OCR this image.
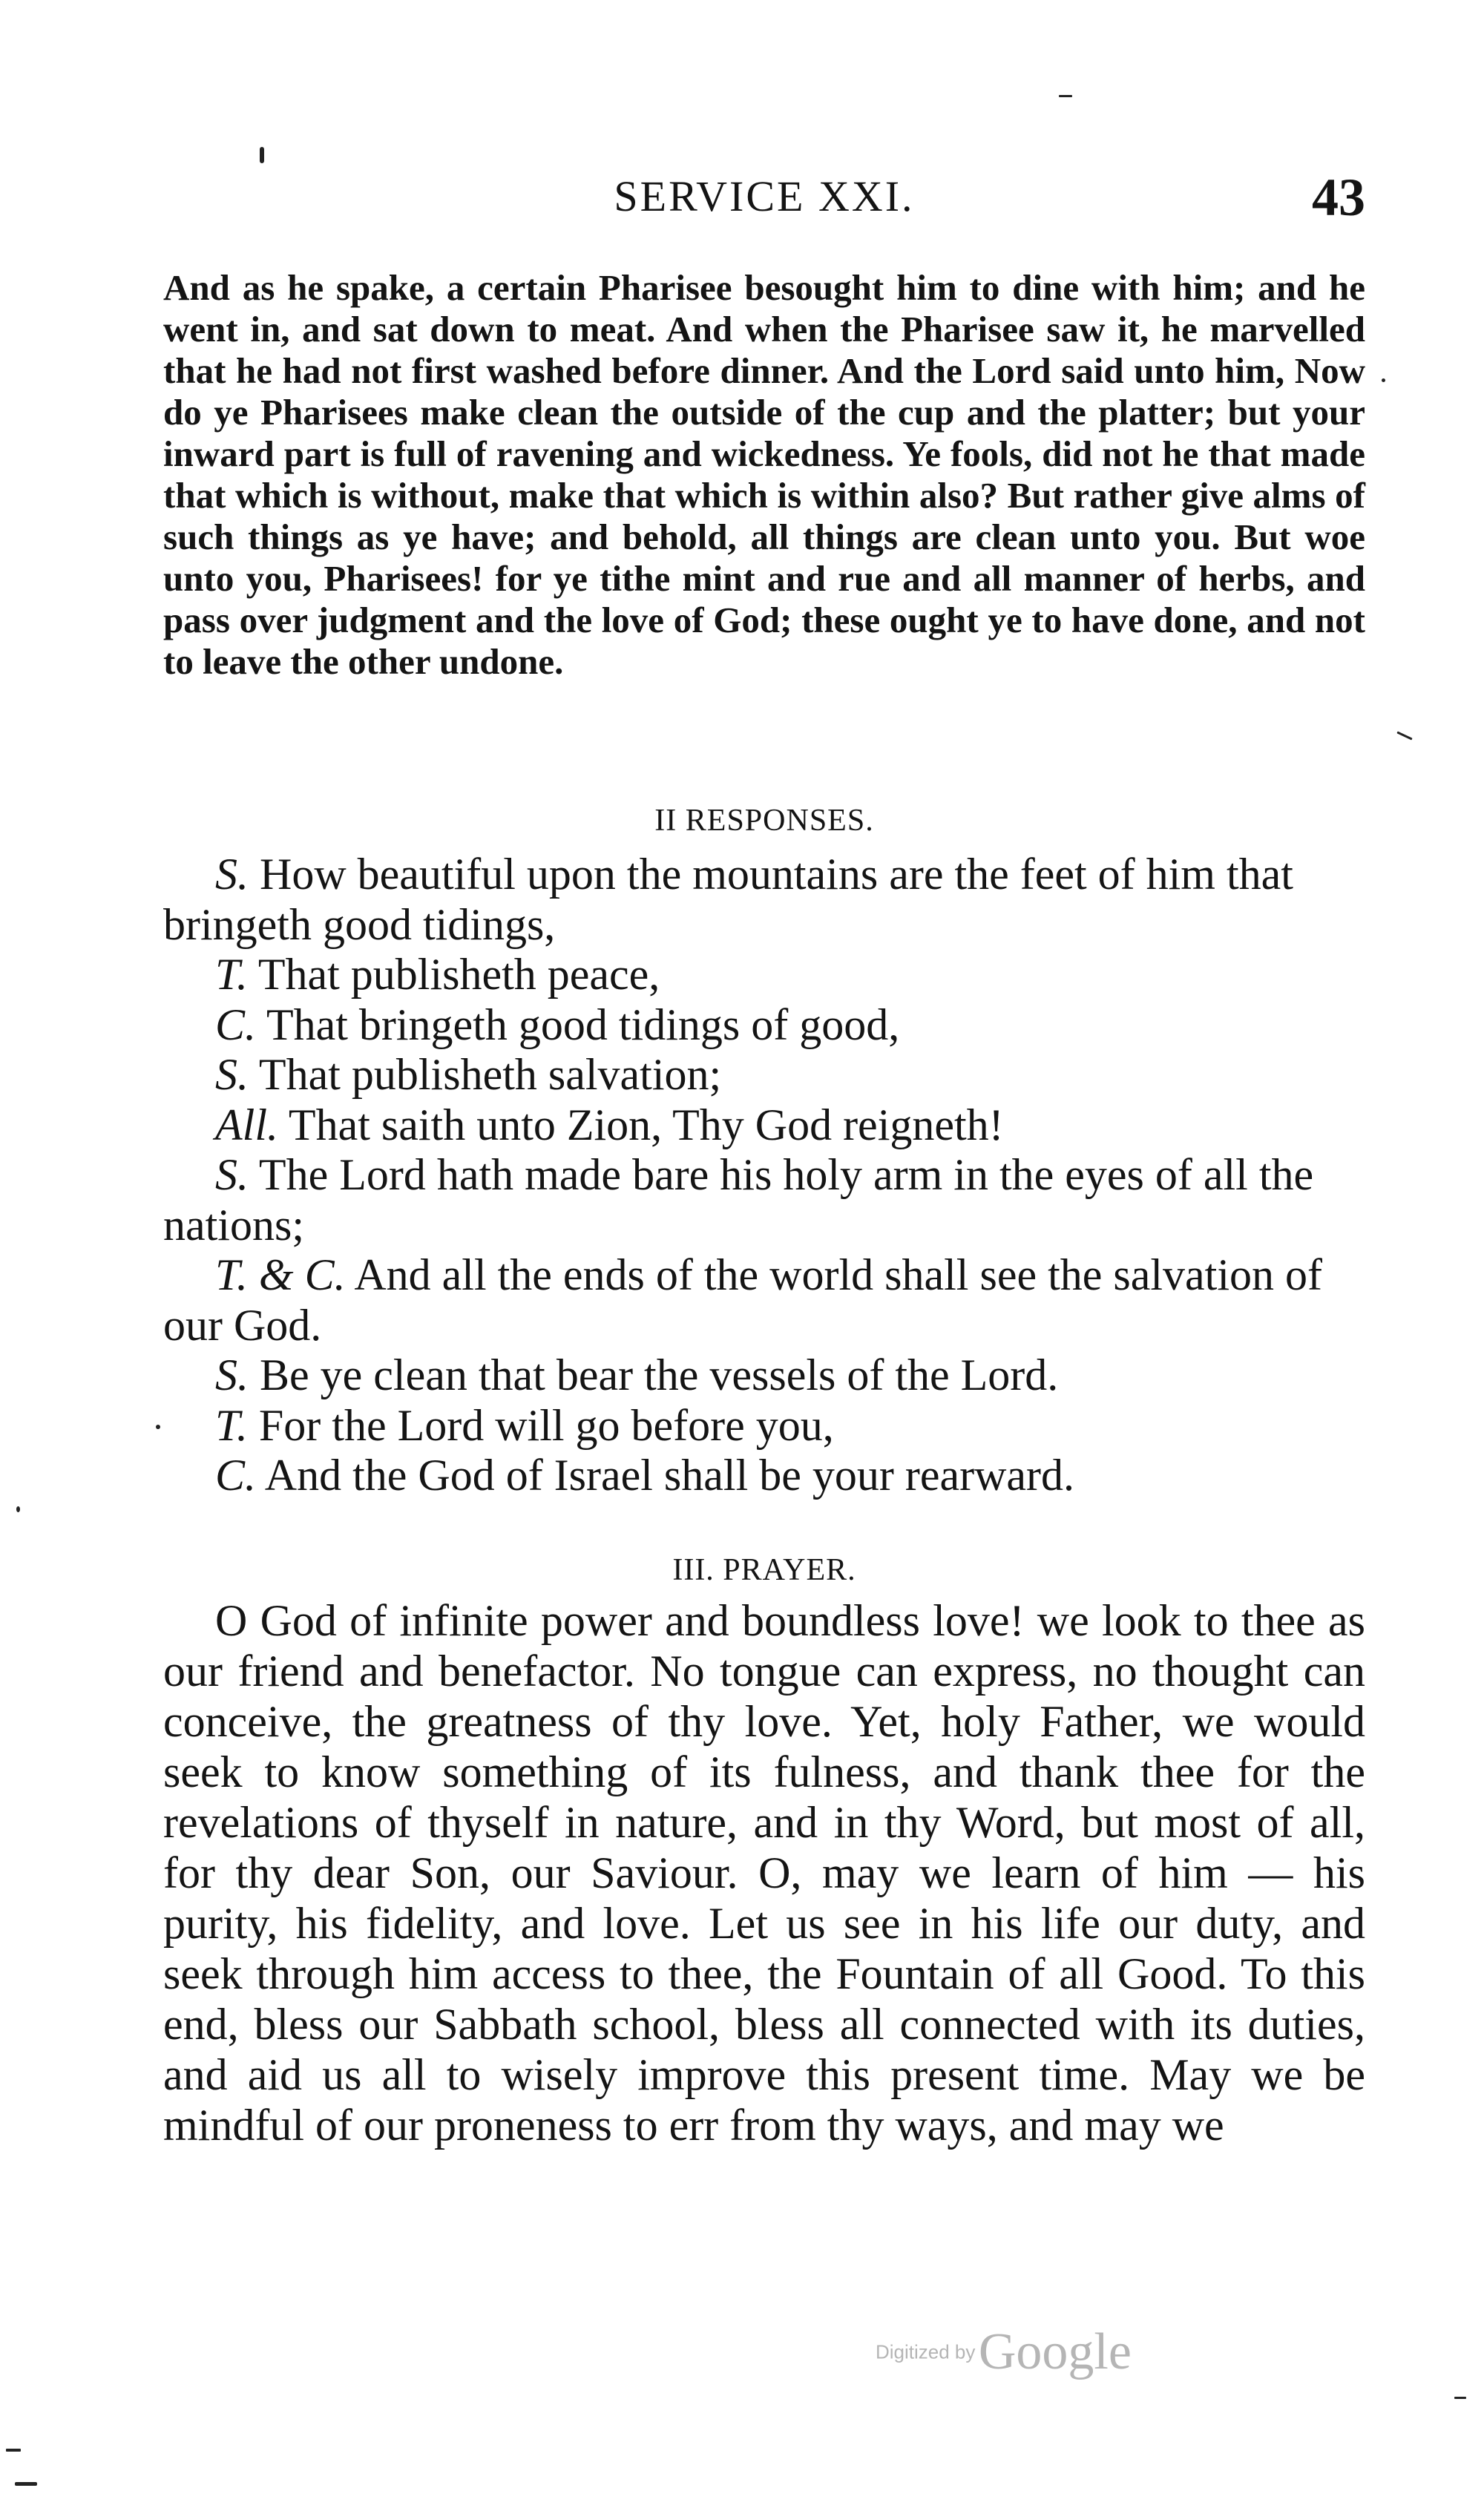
SERVICE XXI.	43

And as he spake, a certain Pharisee besought him to dine with him; and he went in, and sat down to meat. And when the Pharisee saw it, he marvelled that he had not first washed before dinner. And the Lord said unto him, Now do ye Pharisees make clean the outside of the cup and the platter; but your inward part is full of ravening and wickedness. Ye fools, did not he that made that which is without, make that which is within also? But rather give alms of such things as ye have; and behold, all things are clean unto you. But woe unto you, Pharisees! for ye tithe mint and rue and all manner of herbs, and pass over judgment and the love of God; these ought ye to have done, and not to leave the other undone.

II RESPONSES.

S. How beautiful upon the mountains are the feet of him that bringeth good tidings,

T. That publisheth peace,

C. That bringeth good tidings of good,

S. That publisheth salvation;

All. That saith unto Zion, Thy God reigneth!

S. The Lord hath made bare his holy arm in the eyes of all the nations;

T. & C. And all the ends of the world shall see the salvation of our God.

S. Be ye clean that bear the vessels of the Lord.

T. For the Lord will go before you,

C. And the God of Israel shall be your rearward.

III. PRAYER.

O God of infinite power and boundless love! we look to thee as our friend and benefactor. No tongue can express, no thought can conceive, the greatness of thy love. Yet, holy Father, we would seek to know something of its fulness, and thank thee for the revelations of thyself in nature, and in thy Word, but most of all, for thy dear Son, our Saviour. O, may we learn of him — his purity, his fidelity, and love. Let us see in his life our duty, and seek through him access to thee, the Fountain of all Good. To this end, bless our Sabbath school, bless all connected with its duties, and aid us all to wisely improve this present time. May we be mindful of our proneness to err from thy ways, and may we

Digitized by Google
